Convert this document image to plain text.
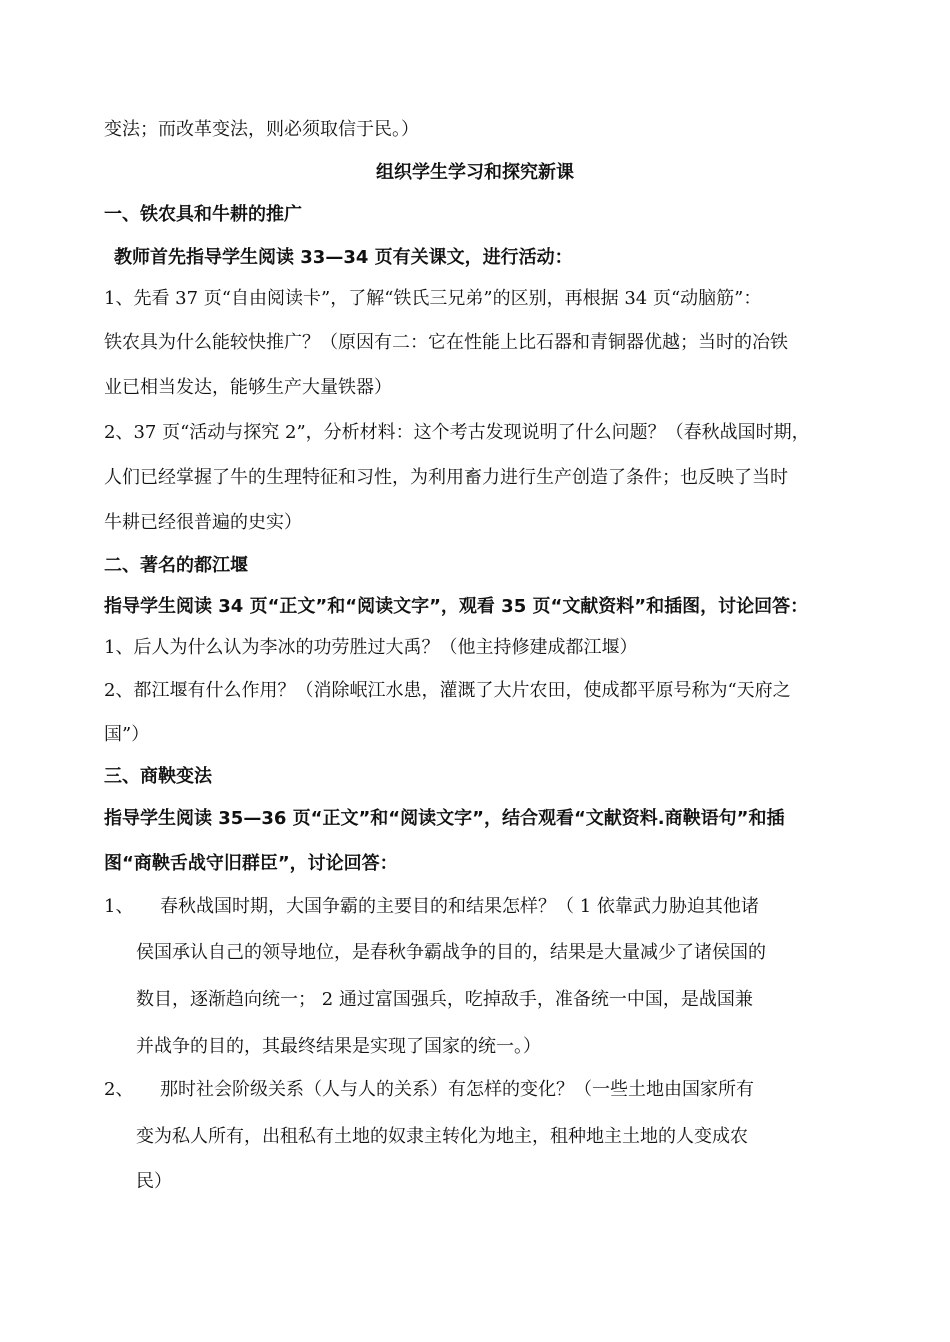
变法；而改革变法，则必须取信于民。）
组织学生学习和探究新课
一、铁农具和牛耕的推广
教师首先指导学生阅读 33—34 页有关课文，进行活动：
1、先看 37 页“自由阅读卡”，了解“铁氏三兄弟”的区别，再根据 34 页“动脑筋”：
铁农具为什么能较快推广？（原因有二：它在性能上比石器和青铜器优越；当时的冶铁
业已相当发达，能够生产大量铁器）
2、37 页“活动与探究 2”，分析材料：这个考古发现说明了什么问题？（春秋战国时期，
人们已经掌握了牛的生理特征和习性，为利用畜力进行生产创造了条件；也反映了当时
牛耕已经很普遍的史实）
二、著名的都江堰
指导学生阅读 34 页“正文”和“阅读文字”，观看 35 页“文献资料”和插图，讨论回答：
1、后人为什么认为李冰的功劳胜过大禹？（他主持修建成都江堰）
2、都江堰有什么作用？（消除岷江水患，灌溉了大片农田，使成都平原号称为“天府之
国”）
三、商鞅变法
指导学生阅读 35—36 页“正文”和“阅读文字”，结合观看“文献资料.商鞅语句”和插
图“商鞅舌战守旧群臣”，讨论回答：
1、 春秋战国时期，大国争霸的主要目的和结果怎样？（ 1 依靠武力胁迫其他诸
侯国承认自己的领导地位，是春秋争霸战争的目的，结果是大量减少了诸侯国的
数目，逐渐趋向统一； 2 通过富国强兵，吃掉敌手，准备统一中国，是战国兼
并战争的目的，其最终结果是实现了国家的统一。）
2、 那时社会阶级关系（人与人的关系）有怎样的变化？（一些土地由国家所有
变为私人所有，出租私有土地的奴隶主转化为地主，租种地主土地的人变成农
民）
